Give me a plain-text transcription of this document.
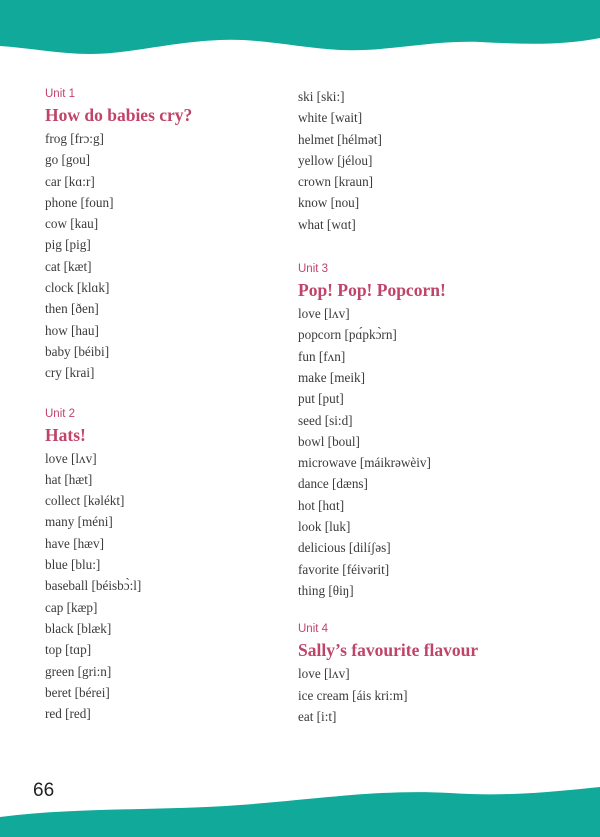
Unit 1
How do babies cry?
frog [frɔ:g]
go [gou]
car [kɑ:r]
phone [foun]
cow [kau]
pig [pig]
cat [kæt]
clock [klɑk]
then [ðen]
how [hau]
baby [béibi]
cry [krai]
Unit 2
Hats!
love [lʌv]
hat [hæt]
collect [kəlékt]
many [méni]
have [hæv]
blue [blu:]
baseball [béisbɔ̀:l]
cap [kæp]
black [blæk]
top [tɑp]
green [gri:n]
beret [bérei]
red [red]
ski [ski:]
white [wait]
helmet [hélmət]
yellow [jélou]
crown [kraun]
know [nou]
what [wɑt]
Unit 3
Pop! Pop! Popcorn!
love [lʌv]
popcorn [pɑ́pkɔ̀rn]
fun [fʌn]
make [meik]
put [put]
seed [si:d]
bowl [boul]
microwave [máikrəwèiv]
dance [dæns]
hot [hɑt]
look [luk]
delicious [dilíʃəs]
favorite [féivərit]
thing [θiŋ]
Unit 4
Sally’s favourite flavour
love [lʌv]
ice cream [áis kri:m]
eat [i:t]
66
